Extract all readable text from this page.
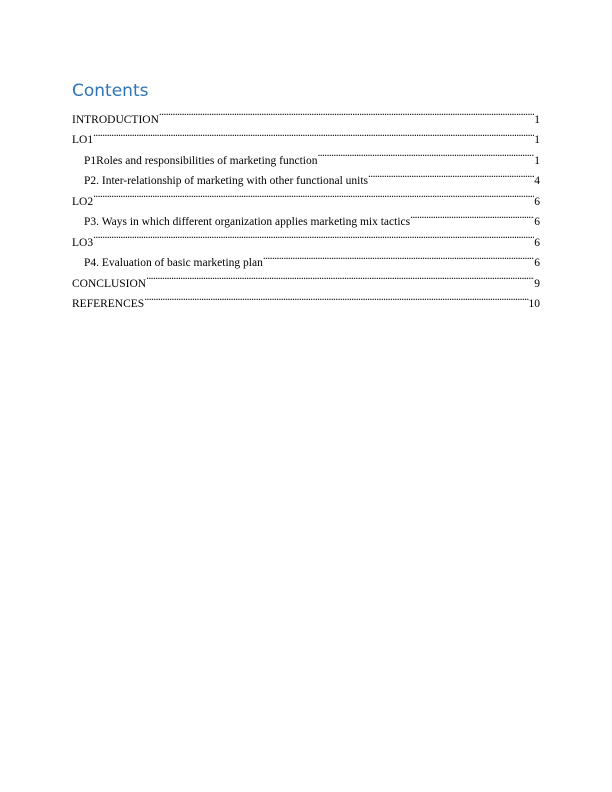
Contents
INTRODUCTION .....	1
LO1 .....	1
P1Roles and responsibilities of marketing function .....	1
P2. Inter-relationship of marketing with other functional units .....	4
LO2 .....	6
P3. Ways in which different organization applies marketing mix tactics .....	6
LO3 .....	6
P4. Evaluation of basic marketing plan .....	6
CONCLUSION .....	9
REFERENCES .....	10
